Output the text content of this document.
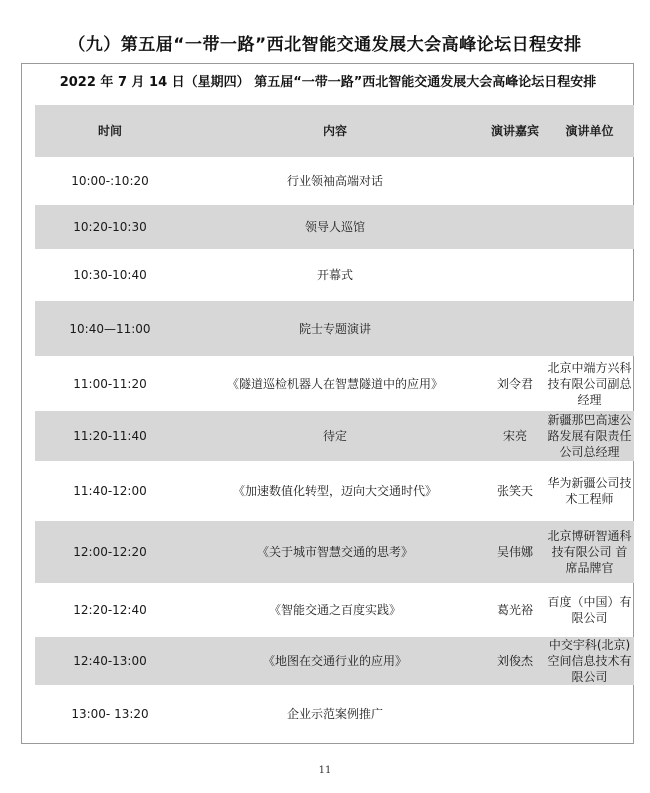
（九）第五届“一带一路”西北智能交通发展大会高峰论坛日程安排
2022 年 7 月 14 日（星期四） 第五届“一带一路”西北智能交通发展大会高峰论坛日程安排
时间	内容	演讲嘉宾	演讲单位
10:00-:10:20	行业领袖高端对话		
10:20-10:30	领导人巡馆		
10:30-10:40	开幕式		
10:40—11:00	院士专题演讲		
11:00-11:20	《隧道巡检机器人在智慧隧道中的应用》	刘令君	北京中端方兴科技有限公司副总经理
11:20-11:40	待定	宋亮	新疆那巴高速公路发展有限责任公司总经理
11:40-12:00	《加速数值化转型，迈向大交通时代》	张笑天	华为新疆公司技术工程师
12:00-12:20	《关于城市智慧交通的思考》	吴伟娜	北京博研智通科技有限公司 首席品牌官
12:20-12:40	《智能交通之百度实践》	葛光裕	百度（中国）有限公司
12:40-13:00	《地图在交通行业的应用》	刘俊杰	中交宇科(北京)空间信息技术有限公司
13:00- 13:20	企业示范案例推广		
11
